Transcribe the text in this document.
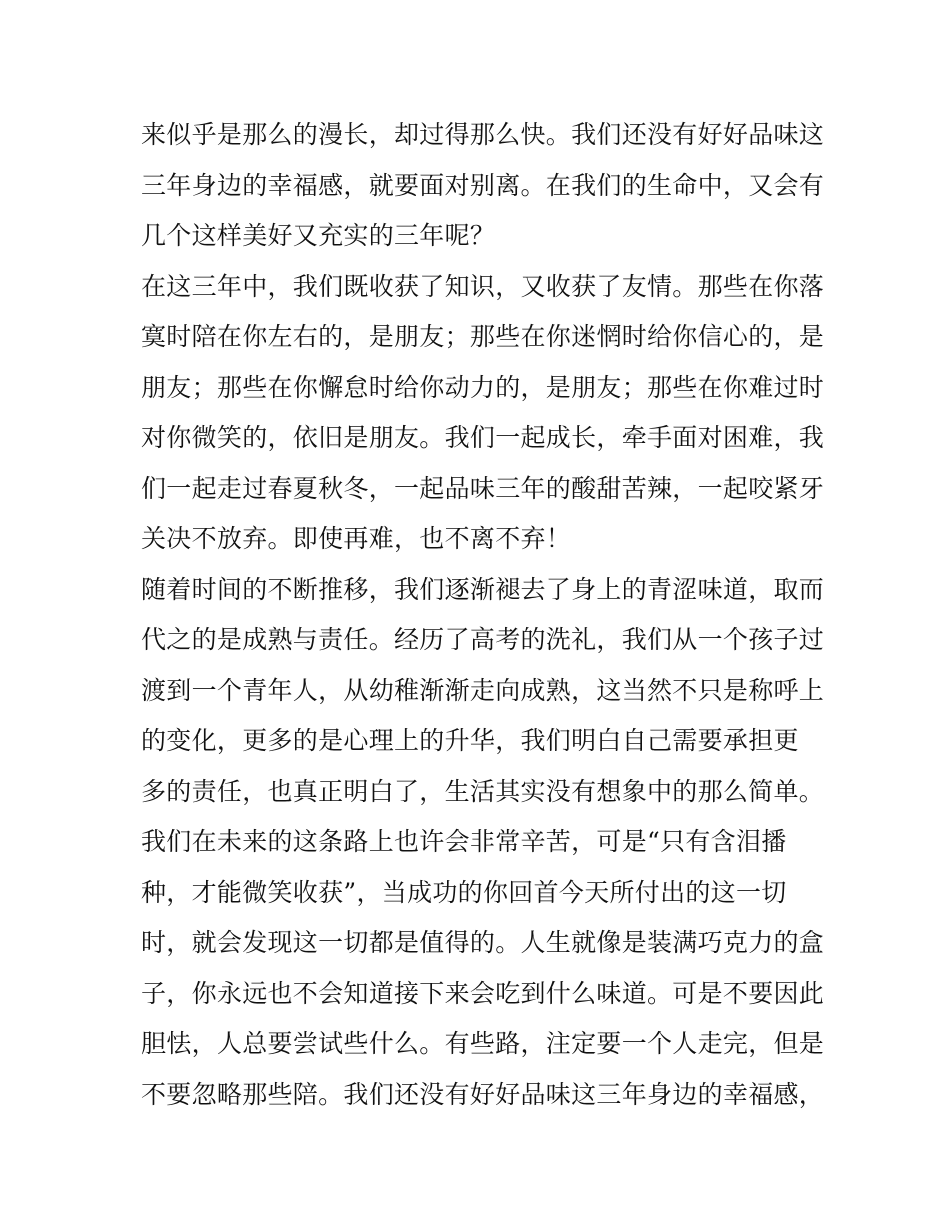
来似乎是那么的漫长，却过得那么快。我们还没有好好品味这
三年身边的幸福感，就要面对别离。在我们的生命中，又会有
几个这样美好又充实的三年呢？
在这三年中，我们既收获了知识，又收获了友情。那些在你落
寞时陪在你左右的，是朋友；那些在你迷惘时给你信心的，是
朋友；那些在你懈怠时给你动力的，是朋友；那些在你难过时
对你微笑的，依旧是朋友。我们一起成长，牵手面对困难，我
们一起走过春夏秋冬，一起品味三年的酸甜苦辣，一起咬紧牙
关决不放弃。即使再难，也不离不弃！
随着时间的不断推移，我们逐渐褪去了身上的青涩味道，取而
代之的是成熟与责任。经历了高考的洗礼，我们从一个孩子过
渡到一个青年人，从幼稚渐渐走向成熟，这当然不只是称呼上
的变化，更多的是心理上的升华，我们明白自己需要承担更
多的责任，也真正明白了，生活其实没有想象中的那么简单。
我们在未来的这条路上也许会非常辛苦，可是“只有含泪播
种，才能微笑收获”，当成功的你回首今天所付出的这一切
时，就会发现这一切都是值得的。人生就像是装满巧克力的盒
子，你永远也不会知道接下来会吃到什么味道。可是不要因此
胆怯，人总要尝试些什么。有些路，注定要一个人走完，但是
不要忽略那些陪。我们还没有好好品味这三年身边的幸福感，
